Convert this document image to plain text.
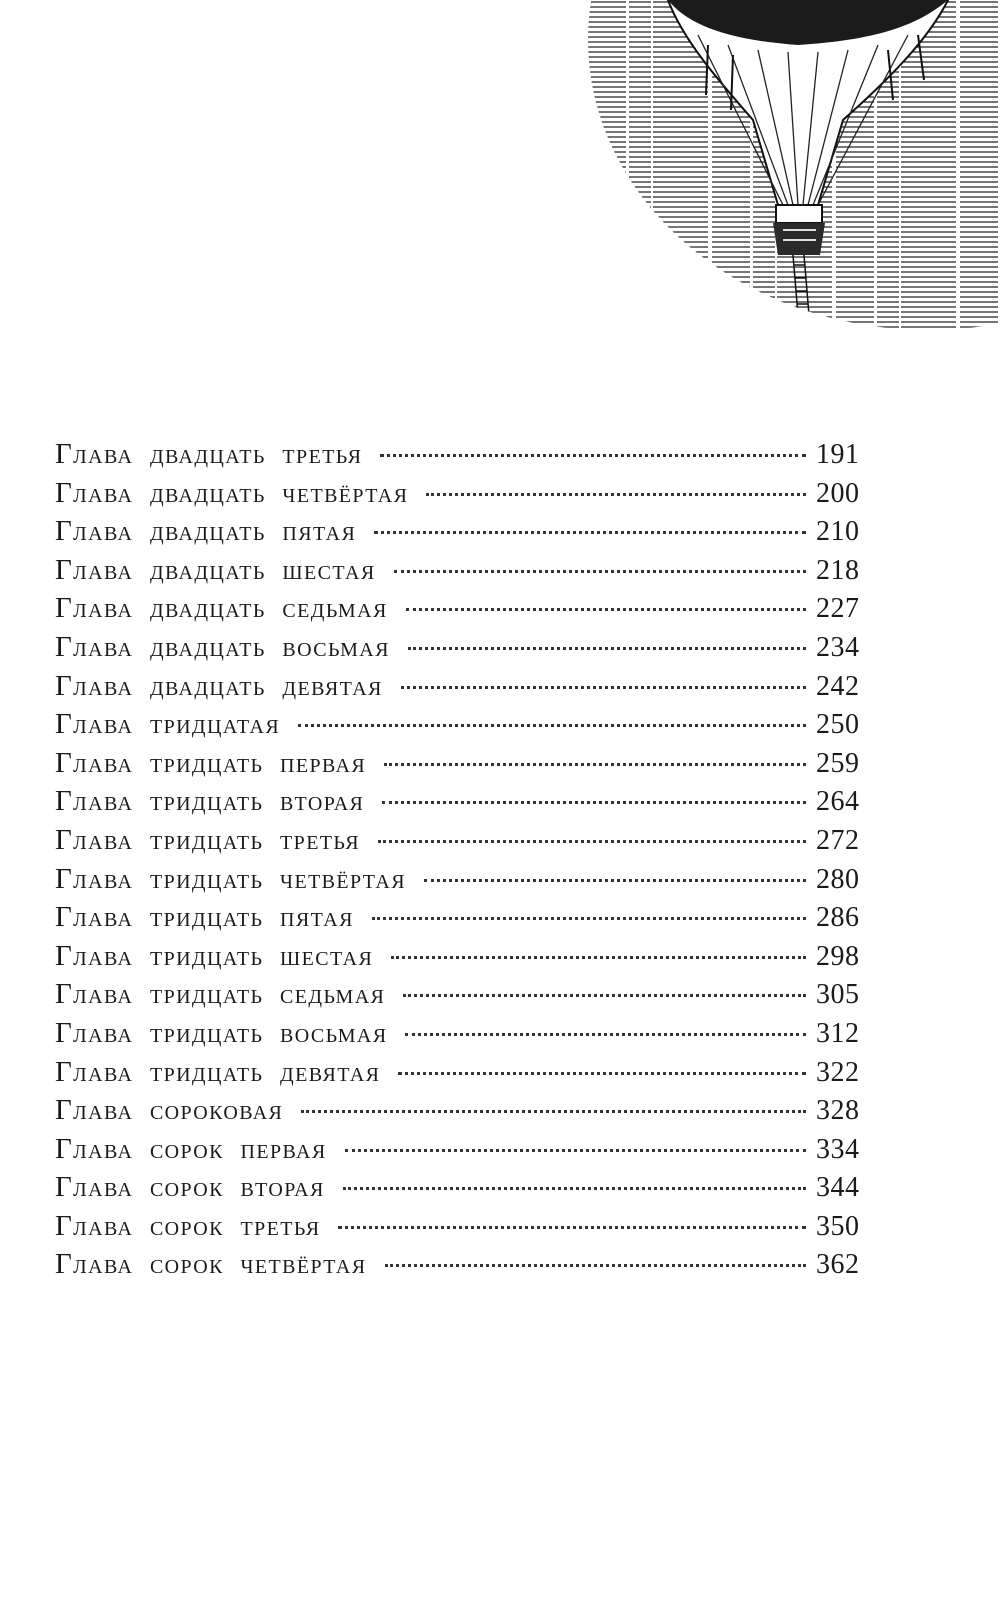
Глава двадцать третья	191
Глава двадцать четвёртая	200
Глава двадцать пятая	210
Глава двадцать шестая	218
Глава двадцать седьмая	227
Глава двадцать восьмая	234
Глава двадцать девятая	242
Глава тридцатая	250
Глава тридцать первая	259
Глава тридцать вторая	264
Глава тридцать третья	272
Глава тридцать четвёртая	280
Глава тридцать пятая	286
Глава тридцать шестая	298
Глава тридцать седьмая	305
Глава тридцать восьмая	312
Глава тридцать девятая	322
Глава сороковая	328
Глава сорок первая	334
Глава сорок вторая	344
Глава сорок третья	350
Глава сорок четвёртая	362
